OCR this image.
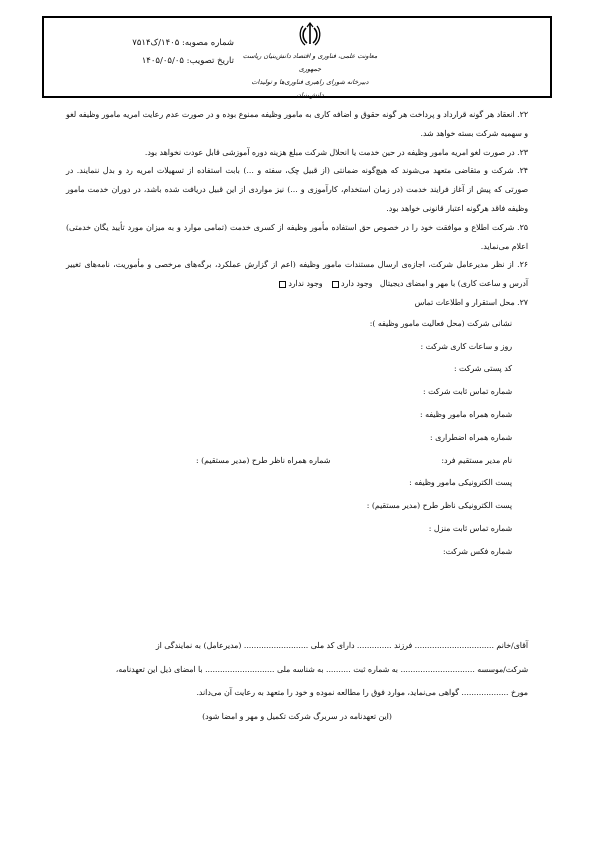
شماره مصوبه: ۱۴۰۵/ک۷۵۱۴
تاریخ تصویب: ۱۴۰۵/۰۵/۰۵	معاونت علمی، فناوری و اقتصاد دانش‌بنیان ریاست جمهوری
دبیرخانه شورای راهبری فناوری‌ها و تولیدات دانش‌بنیان

۲۲. انعقاد هر گونه قرارداد و پرداخت هر گونه حقوق و اضافه کاری به مامور وظیفه ممنوع بوده و در صورت عدم رعایت امریه مامور وظیفه لغو و سهمیه شرکت بسته خواهد شد.

۲۳. در صورت لغو امریه مامور وظیفه در حین خدمت یا انحلال شرکت مبلغ هزینه دوره آموزشی قابل عودت نخواهد بود.

۲۴. شرکت و متقاضی متعهد می‌شوند که هیچ‌گونه ضمانتی (از قبیل چک، سفته و ...) بابت استفاده از تسهیلات امریه رد و بدل ننمایند. در صورتی که پیش از آغاز فرایند خدمت (در زمان استخدام، کارآموزی و ...) نیز مواردی از این قبیل دریافت شده باشد، در دوران خدمت مامور وظیفه فاقد هرگونه اعتبار قانونی خواهد بود.

۲۵. شرکت اطلاع و موافقت خود را در خصوص حق استفاده مأمور وظیفه از کسری خدمت (تمامی موارد و به میزان مورد تأیید یگان خدمتی) اعلام می‌نماید.

۲۶. از نظر مدیرعامل شرکت، اجازه‌ی ارسال مستندات مامور وظیفه (اعم از گزارش عملکرد، برگه‌های مرخصی و مأموریت، نامه‌های تغییر آدرس و ساعت کاری) با مهر و امضای دیجیتال   وجود دارد   وجود ندارد

۲۷. محل استقرار و اطلاعات تماس

نشانی شرکت (محل فعالیت مامور وظیفه ):
روز و ساعات کاری شرکت :
کد پستی شرکت :
شماره تماس ثابت شرکت :
شماره همراه مامور وظیفه :
شماره همراه اضطراری :
نام مدیر مستقیم فرد:
شماره همراه ناظر طرح (مدیر مستقیم) :
پست الکترونیکی مامور وظیفه :
پست الکترونیکی ناظر طرح (مدیر مستقیم) :
شماره تماس ثابت منزل :
شماره فکس شرکت:

آقای/خانم ................................ فرزند .............. دارای کد ملی .......................... (مدیرعامل) به نمایندگی از

شرکت/موسسه .............................. به شماره ثبت .......... به شناسه ملی ............................ با امضای ذیل این تعهدنامه،

مورخ ................... گواهی می‌نماید، موارد فوق را مطالعه نموده و خود را متعهد به رعایت آن می‌داند.

(این تعهدنامه در سربرگ شرکت تکمیل و مهر و امضا شود)
